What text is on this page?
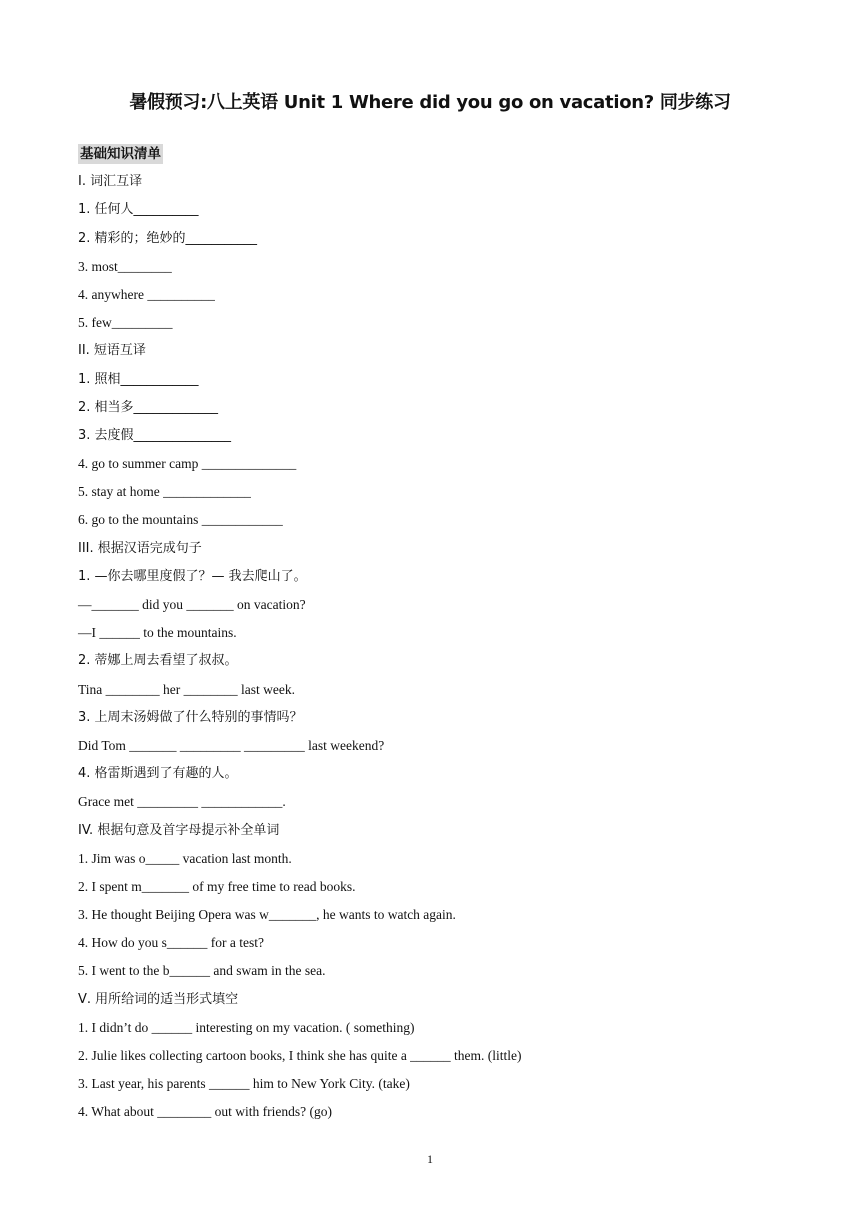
暑假预习:八上英语 Unit 1 Where did you go on vacation? 同步练习
基础知识清单
I. 词汇互译
1. 任何人__________
2. 精彩的；绝妙的___________
3. most________
4. anywhere __________
5. few_________
II. 短语互译
1. 照相____________
2. 相当多_____________
3. 去度假_______________
4. go to summer camp ______________
5. stay at home _____________
6. go to the mountains ____________
III. 根据汉语完成句子
1. —你去哪里度假了？— 我去爬山了。
—_______ did you _______ on vacation?
—I ______ to the mountains.
2. 蒂娜上周去看望了叔叔。
Tina ________ her ________ last week.
3. 上周末汤姆做了什么特别的事情吗？
Did Tom _______ _________ _________ last weekend?
4. 格雷斯遇到了有趣的人。
Grace met _________ ____________.
IV. 根据句意及首字母提示补全单词
1. Jim was o_____ vacation last month.
2. I spent m_______ of my free time to read books.
3. He thought Beijing Opera was w_______, he wants to watch again.
4. How do you s______ for a test?
5. I went to the b______ and swam in the sea.
Ⅴ. 用所给词的适当形式填空
1. I didn’t do ______ interesting on my vacation. ( something)
2. Julie likes collecting cartoon books, I think she has quite a ______ them. (little)
3. Last year, his parents ______ him to New York City. (take)
4. What about ________ out with friends? (go)
1
